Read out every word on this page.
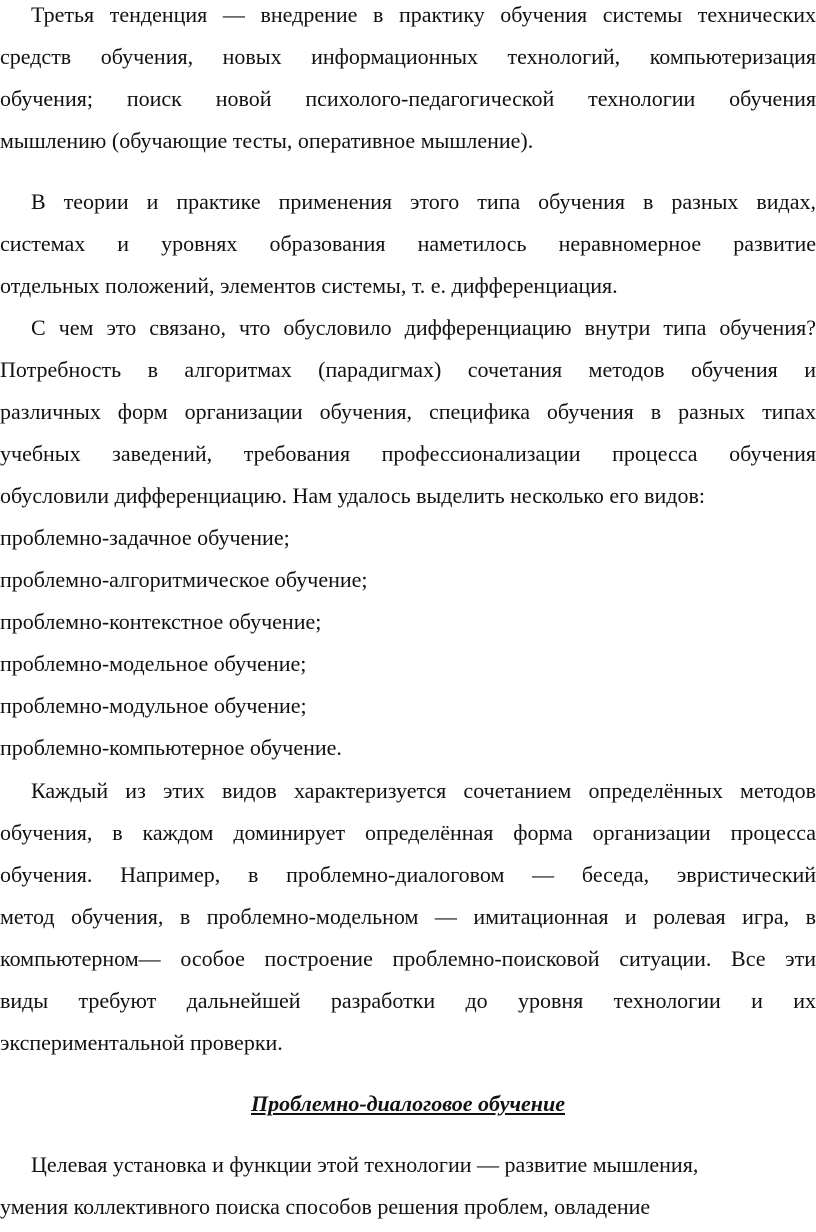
Третья тенденция — внедрение в практику обучения системы технических
средств обучения, новых информационных технологий, компьютеризация
обучения; поиск новой психолого-педагогической технологии обучения
мышлению (обучающие тесты, оперативное мышление).
В теории и практике применения этого типа обучения в разных видах,
системах и уровнях образования наметилось неравномерное развитие
отдельных положений, элементов системы, т. е. дифференциация.
С чем это связано, что обусловило дифференциацию внутри типа обучения?
Потребность в алгоритмах (парадигмах) сочетания методов обучения и
различных форм организации обучения, специфика обучения в разных типах
учебных заведений, требования профессионализации процесса обучения
обусловили дифференциацию. Нам удалось выделить несколько его видов:
проблемно-задачное обучение;
проблемно-алгоритмическое обучение;
проблемно-контекстное обучение;
проблемно-модельное обучение;
проблемно-модульное обучение;
проблемно-компьютерное обучение.
Каждый из этих видов характеризуется сочетанием определённых методов
обучения, в каждом доминирует определённая форма организации процесса
обучения. Например, в проблемно-диалоговом — беседа, эвристический
метод обучения, в проблемно-модельном — имитационная и ролевая игра, в
компьютерном— особое построение проблемно-поисковой ситуации. Все эти
виды требуют дальнейшей разработки до уровня технологии и их
экспериментальной проверки.
Проблемно-диалоговое обучение
Целевая установка и функции этой технологии — развитие мышления,
умения коллективного поиска способов решения проблем, овладение
